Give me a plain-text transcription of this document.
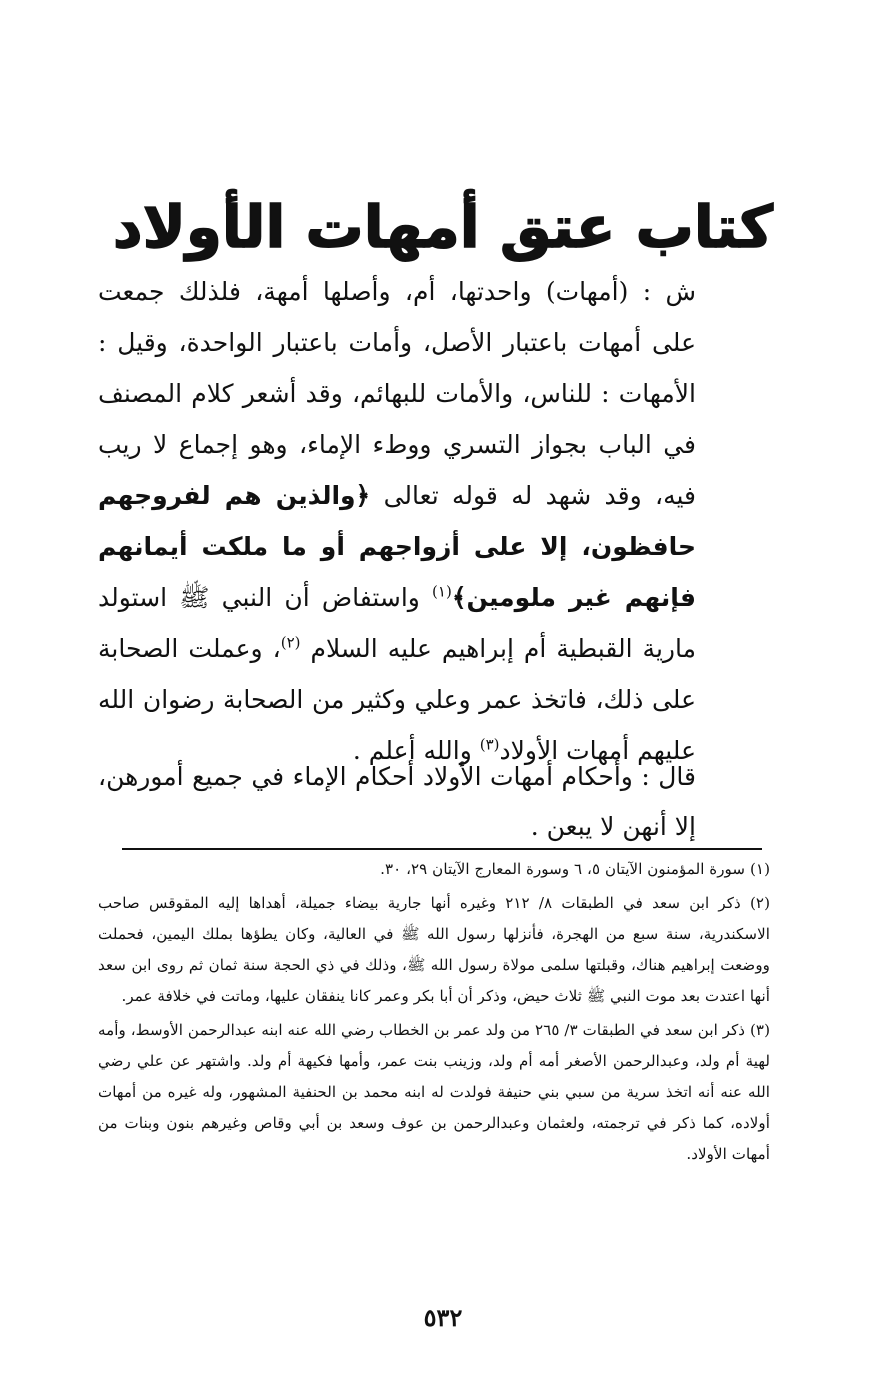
كتاب عتق أمهات الأولاد

ش : (أمهات) واحدتها، أم، وأصلها أمهة، فلذلك جمعت على أمهات باعتبار الأصل، وأمات باعتبار الواحدة، وقيل : الأمهات : للناس، والأمات للبهائم، وقد أشعر كلام المصنف في الباب بجواز التسري ووطء الإماء، وهو إجماع لا ريب فيه، وقد شهد له قوله تعالى ﴿والذين هم لفروجهم حافظون، إلا على أزواجهم أو ما ملكت أيمانهم فإنهم غير ملومين﴾$^{(١)}$ واستفاض أن النبي ﷺ استولد مارية القبطية أم إبراهيم عليه السلام $^{(٢)}$، وعملت الصحابة على ذلك، فاتخذ عمر وعلي وكثير من الصحابة رضوان الله عليهم أمهات الأولاد$^{(٣)}$ والله أعلم .

قال : وأحكام أمهات الأولاد أحكام الإماء في جميع أمورهن، إلا أنهن لا يبعن .

(١) سورة المؤمنون الآيتان ٥، ٦ وسورة المعارج الآيتان ٢٩، ٣٠.

(٢) ذكر ابن سعد في الطبقات ٨/ ٢١٢ وغيره أنها جارية بيضاء جميلة، أهداها إليه المقوقس صاحب الاسكندرية، سنة سبع من الهجرة، فأنزلها رسول الله ﷺ في العالية، وكان يطؤها بملك اليمين، فحملت ووضعت إبراهيم هناك، وقبلتها سلمى مولاة رسول الله ﷺ، وذلك في ذي الحجة سنة ثمان ثم روى ابن سعد أنها اعتدت بعد موت النبي ﷺ ثلاث حيض، وذكر أن أبا بكر وعمر كانا ينفقان عليها، وماتت في خلافة عمر.

(٣) ذكر ابن سعد في الطبقات ٣/ ٢٦٥ من ولد عمر بن الخطاب رضي الله عنه ابنه عبدالرحمن الأوسط، وأمه لهية أم ولد، وعبدالرحمن الأصغر أمه أم ولد، وزينب بنت عمر، وأمها فكيهة أم ولد. واشتهر عن علي رضي الله عنه أنه اتخذ سرية من سبي بني حنيفة فولدت له ابنه محمد بن الحنفية المشهور، وله غيره من أمهات أولاده، كما ذكر في ترجمته، ولعثمان وعبدالرحمن بن عوف وسعد بن أبي وقاص وغيرهم بنون وبنات من أمهات الأولاد.

٥٣٢
